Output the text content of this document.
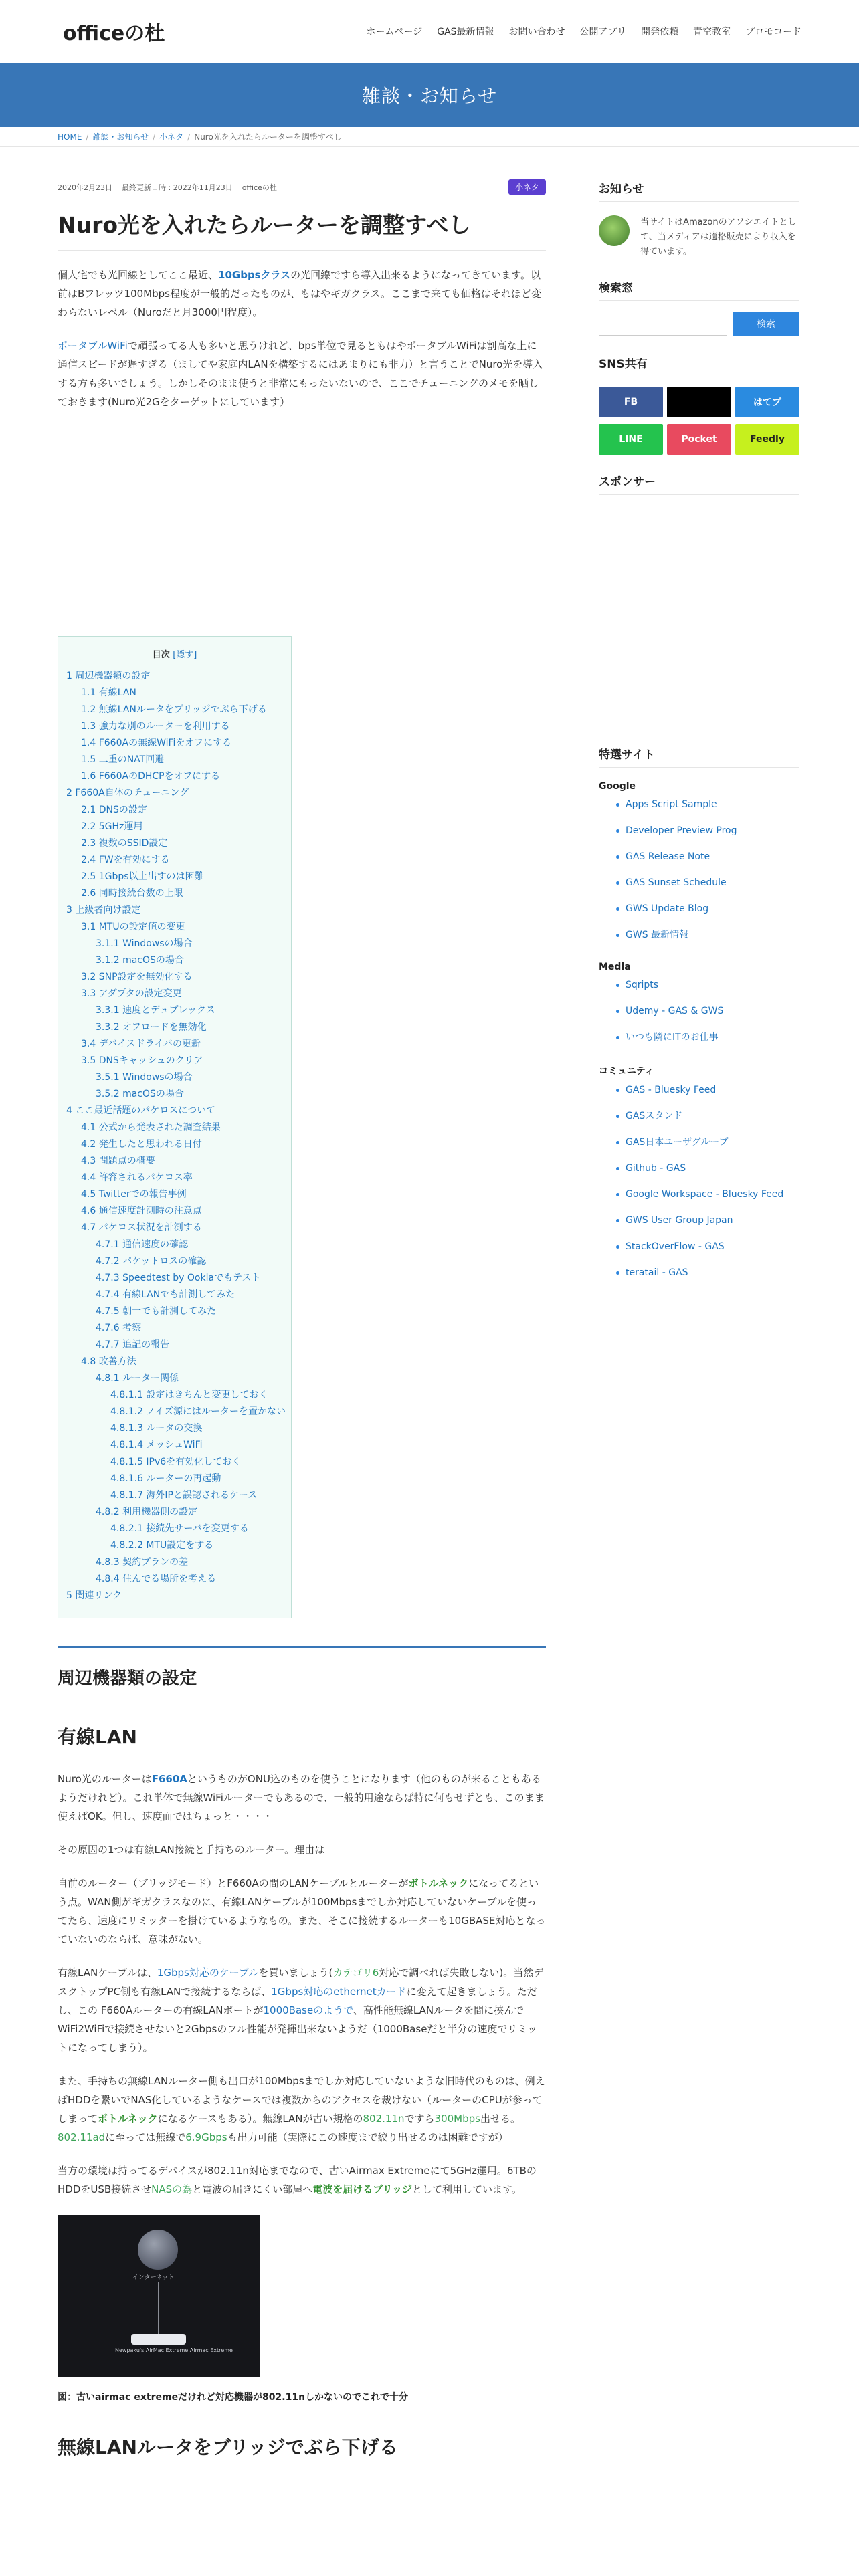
officeの杜	ホームページ GAS最新情報 お問い合わせ 公開アプリ 開発依頼 青空教室 プロモコード
雑談・お知らせ
HOME / 雑談・お知らせ / 小ネタ / Nuro光を入れたらルーターを調整すべし
2020年2月23日 最終更新日時 : 2022年11月23日 officeの杜	小ネタ
Nuro光を入れたらルーターを調整すべし

個人宅でも光回線としてここ最近、10Gbpsクラスの光回線ですら導入出来るようになってきています。以前はBフレッツ100Mbps程度が一般的だったものが、もはやギガクラス。ここまで来ても価格はそれほど変わらないレベル（Nuroだと月3000円程度）。

ポータブルWiFiで頑張ってる人も多いと思うけれど、bps単位で見るともはやポータブルWiFiは割高な上に通信スピードが遅すぎる（ましてや家庭内LANを構築するにはあまりにも非力）と言うことでNuro光を導入する方も多いでしょう。しかしそのまま使うと非常にもったいないので、ここでチューニングのメモを晒しておきます(Nuro光2Gをターゲットにしています）

目次 [隠す]
1 周辺機器類の設定
1.1 有線LAN
1.2 無線LANルータをブリッジでぶら下げる
1.3 強力な別のルーターを利用する
1.4 F660Aの無線WiFiをオフにする
1.5 二重のNAT回避
1.6 F660AのDHCPをオフにする
2 F660A自体のチューニング
2.1 DNSの設定
2.2 5GHz運用
2.3 複数のSSID設定
2.4 FWを有効にする
2.5 1Gbps以上出すのは困難
2.6 同時接続台数の上限
3 上級者向け設定
3.1 MTUの設定値の変更
3.1.1 Windowsの場合
3.1.2 macOSの場合
3.2 SNP設定を無効化する
3.3 アダプタの設定変更
3.3.1 速度とデュプレックス
3.3.2 オフロードを無効化
3.4 デバイスドライバの更新
3.5 DNSキャッシュのクリア
3.5.1 Windowsの場合
3.5.2 macOSの場合
4 ここ最近話題のパケロスについて
4.1 公式から発表された調査結果
4.2 発生したと思われる日付
4.3 問題点の概要
4.4 許容されるパケロス率
4.5 Twitterでの報告事例
4.6 通信速度計測時の注意点
4.7 パケロス状況を計測する
4.7.1 通信速度の確認
4.7.2 パケットロスの確認
4.7.3 Speedtest by Ooklaでもテスト
4.7.4 有線LANでも計測してみた
4.7.5 朝一でも計測してみた
4.7.6 考察
4.7.7 追記の報告
4.8 改善方法
4.8.1 ルーター関係
4.8.1.1 設定はきちんと変更しておく
4.8.1.2 ノイズ源にはルーターを置かない
4.8.1.3 ルータの交換
4.8.1.4 メッシュWiFi
4.8.1.5 IPv6を有効化しておく
4.8.1.6 ルーターの再起動
4.8.1.7 海外IPと誤認されるケース
4.8.2 利用機器側の設定
4.8.2.1 接続先サーバを変更する
4.8.2.2 MTU設定をする
4.8.3 契約プランの差
4.8.4 住んでる場所を考える
5 関連リンク
周辺機器類の設定
有線LAN

Nuro光のルーターはF660AというものがONU込のものを使うことになります（他のものが来ることもあるようだけれど）。これ単体で無線WiFiルーターでもあるので、一般的用途ならば特に何もせずとも、このまま使えばOK。但し、速度面ではちょっと・・・・

その原因の1つは有線LAN接続と手持ちのルーター。理由は

自前のルーター（ブリッジモード）とF660Aの間のLANケーブルとルーターがボトルネックになってるという点。WAN側がギガクラスなのに、有線LANケーブルが100Mbpsまでしか対応していないケーブルを使ってたら、速度にリミッターを掛けているようなもの。また、そこに接続するルーターも10GBASE対応となっていないのならば、意味がない。

有線LANケーブルは、1Gbps対応のケーブルを買いましょう(カテゴリ6対応で調べれば失敗しない)。当然デスクトップPC側も有線LANで接続するならば、1Gbps対応のethernetカードに変えて起きましょう。ただし、この F660Aルーターの有線LANポートが1000Baseのようで、高性能無線LANルータを間に挟んでWiFi2WiFiで接続させないと2Gbpsのフル性能が発揮出来ないようだ（1000Baseだと半分の速度でリミットになってしまう）。

また、手持ちの無線LANルーター側も出口が100Mbpsまでしか対応していないような旧時代のものは、例えばHDDを繋いでNAS化しているようなケースでは複数からのアクセスを裁けない（ルーターのCPUが参ってしまってボトルネックになるケースもある）。無線LANが古い規格の802.11nですら300Mbps出せる。802.11adに至っては無線で6.9Gbpsも出力可能（実際にこの速度まで絞り出せるのは困難ですが）

当方の環境は持ってるデバイスが802.11n対応までなので、古いAirmax Extremeにて5GHz運用。6TBのHDDをUSB接続させNASの為と電波の届きにくい部屋へ電波を届けるブリッジとして利用しています。

インターネット
Newpaku's AirMac Extreme Airmac Extreme

図：古いairmac extremeだけれど対応機器が802.11nしかないのでこれで十分

無線LANルータをブリッジでぶら下げる
お知らせ

当サイトはAmazonのアソシエイトとして、当メディアは適格販売により収入を得ています。

検索窓
検索
SNS共有
FB	はてブ
LINE	Pocket	Feedly
スポンサー
特選サイト
Google
Apps Script Sample
Developer Preview Prog
GAS Release Note
GAS Sunset Schedule
GWS Update Blog
GWS 最新情報
Media
Sqripts
Udemy - GAS & GWS
いつも隣にITのお仕事
コミュニティ
GAS - Bluesky Feed
GASスタンド
GAS日本ユーザグループ
Github - GAS
Google Workspace - Bluesky Feed
GWS User Group Japan
StackOverFlow - GAS
teratail - GAS
